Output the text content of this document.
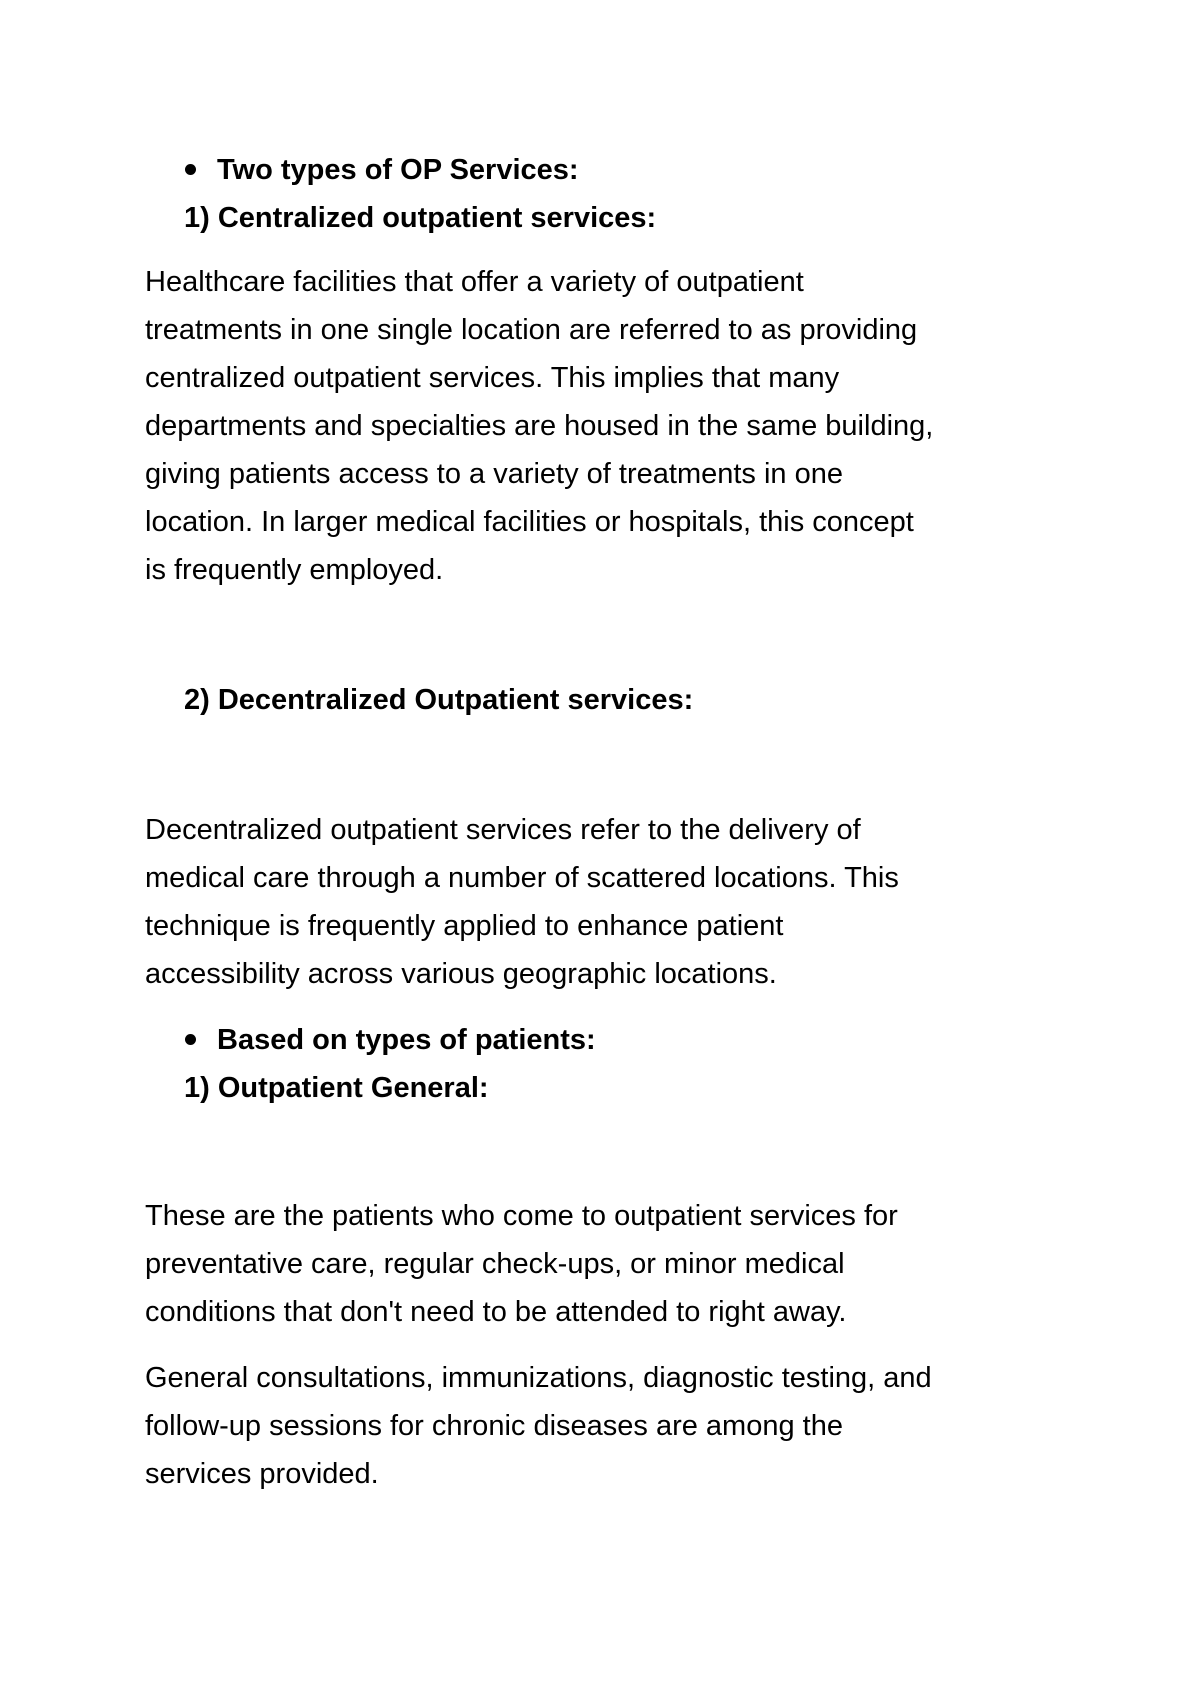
Two types of OP Services:
1) Centralized outpatient services:
Healthcare facilities that offer a variety of outpatient
treatments in one single location are referred to as providing
centralized outpatient services. This implies that many
departments and specialties are housed in the same building,
giving patients access to a variety of treatments in one
location. In larger medical facilities or hospitals, this concept
is frequently employed.
2) Decentralized Outpatient services:
Decentralized outpatient services refer to the delivery of
medical care through a number of scattered locations. This
technique is frequently applied to enhance patient
accessibility across various geographic locations.
Based on types of patients:
1) Outpatient General:
These are the patients who come to outpatient services for
preventative care, regular check-ups, or minor medical
conditions that don't need to be attended to right away.
General consultations, immunizations, diagnostic testing, and
follow-up sessions for chronic diseases are among the
services provided.
